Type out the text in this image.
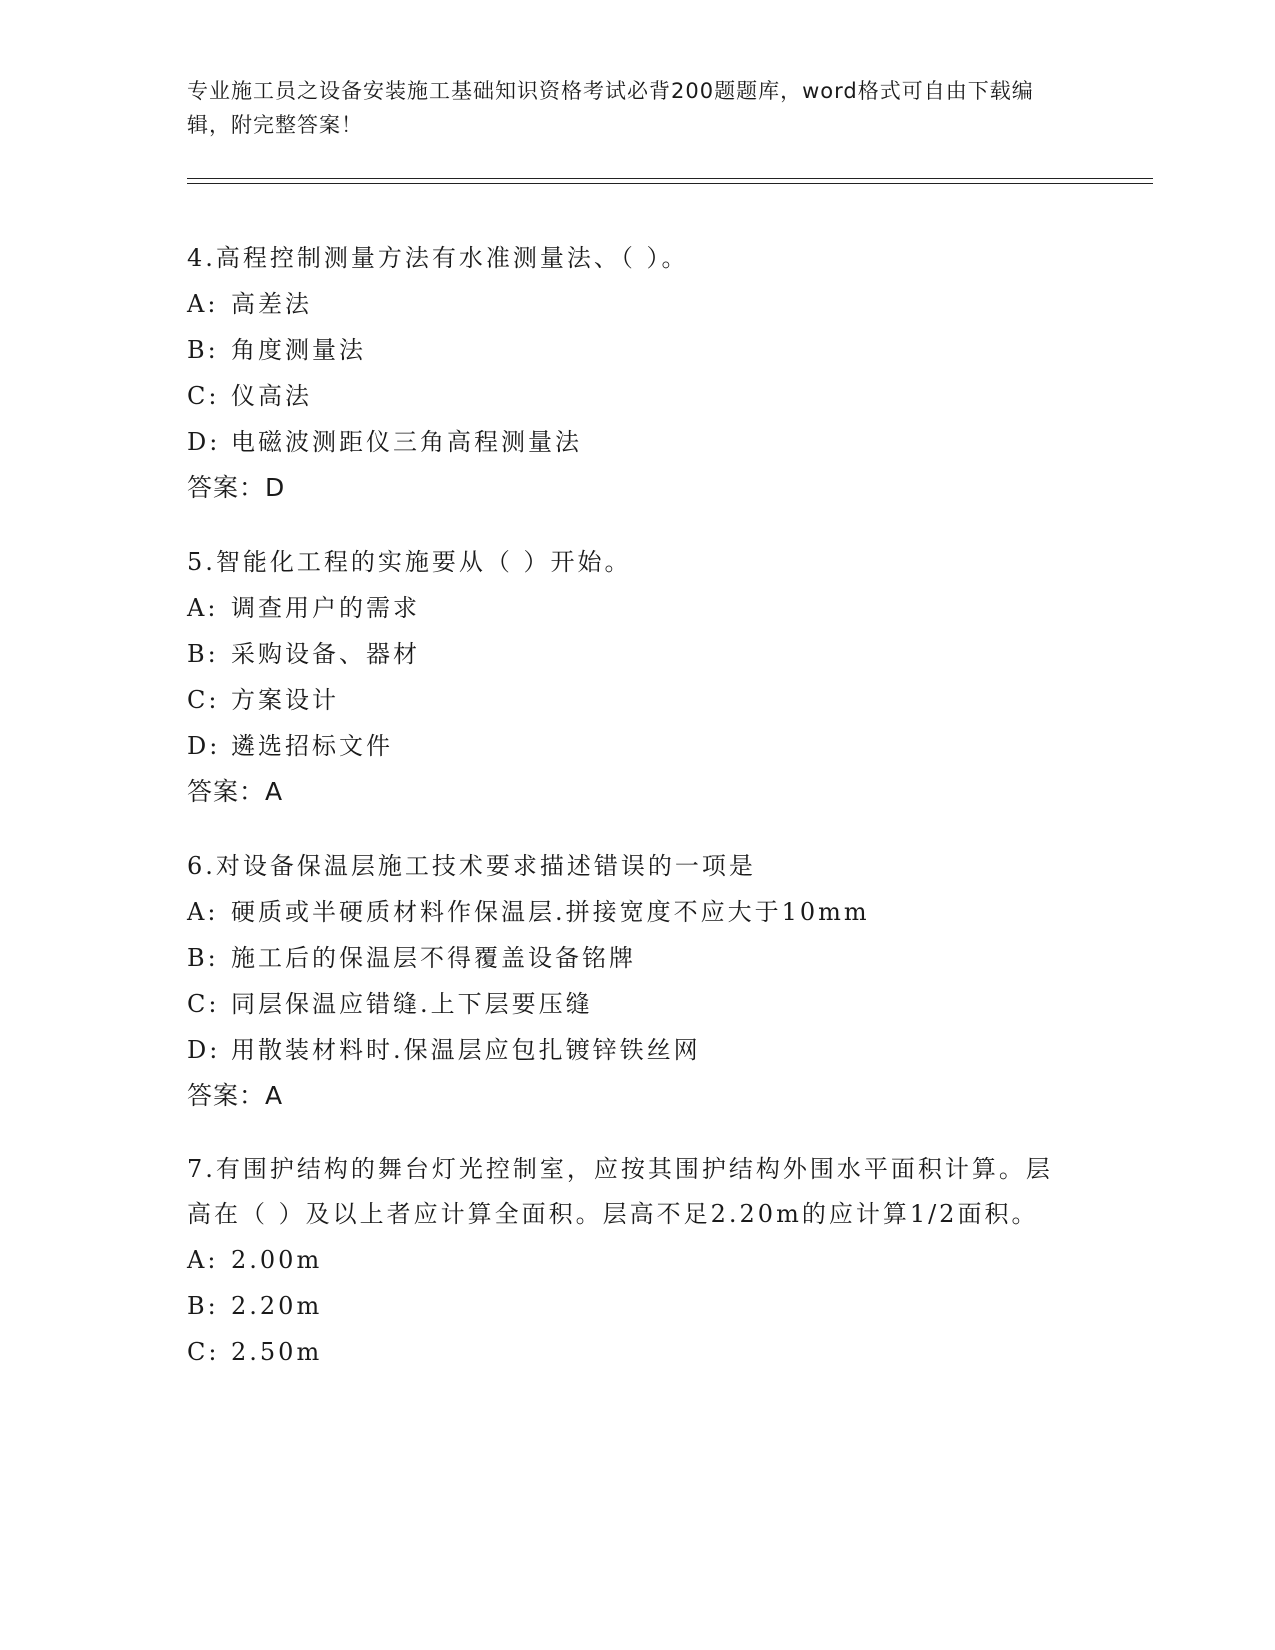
专业施工员之设备安装施工基础知识资格考试必背200题题库，word格式可自由下载编辑，附完整答案！

4.高程控制测量方法有水准测量法、（ ）。

A: 高差法

B: 角度测量法

C: 仪高法

D: 电磁波测距仪三角高程测量法

答案：D

5.智能化工程的实施要从（ ）开始。

A: 调查用户的需求

B: 采购设备、器材

C: 方案设计

D: 遴选招标文件

答案：A

6.对设备保温层施工技术要求描述错误的一项是

A: 硬质或半硬质材料作保温层.拼接宽度不应大于10mm

B: 施工后的保温层不得覆盖设备铭牌

C: 同层保温应错缝.上下层要压缝

D: 用散装材料时.保温层应包扎镀锌铁丝网

答案：A

7.有围护结构的舞台灯光控制室，应按其围护结构外围水平面积计算。层高在（ ）及以上者应计算全面积。层高不足2.20m的应计算1/2面积。

A: 2.00m

B: 2.20m

C: 2.50m
